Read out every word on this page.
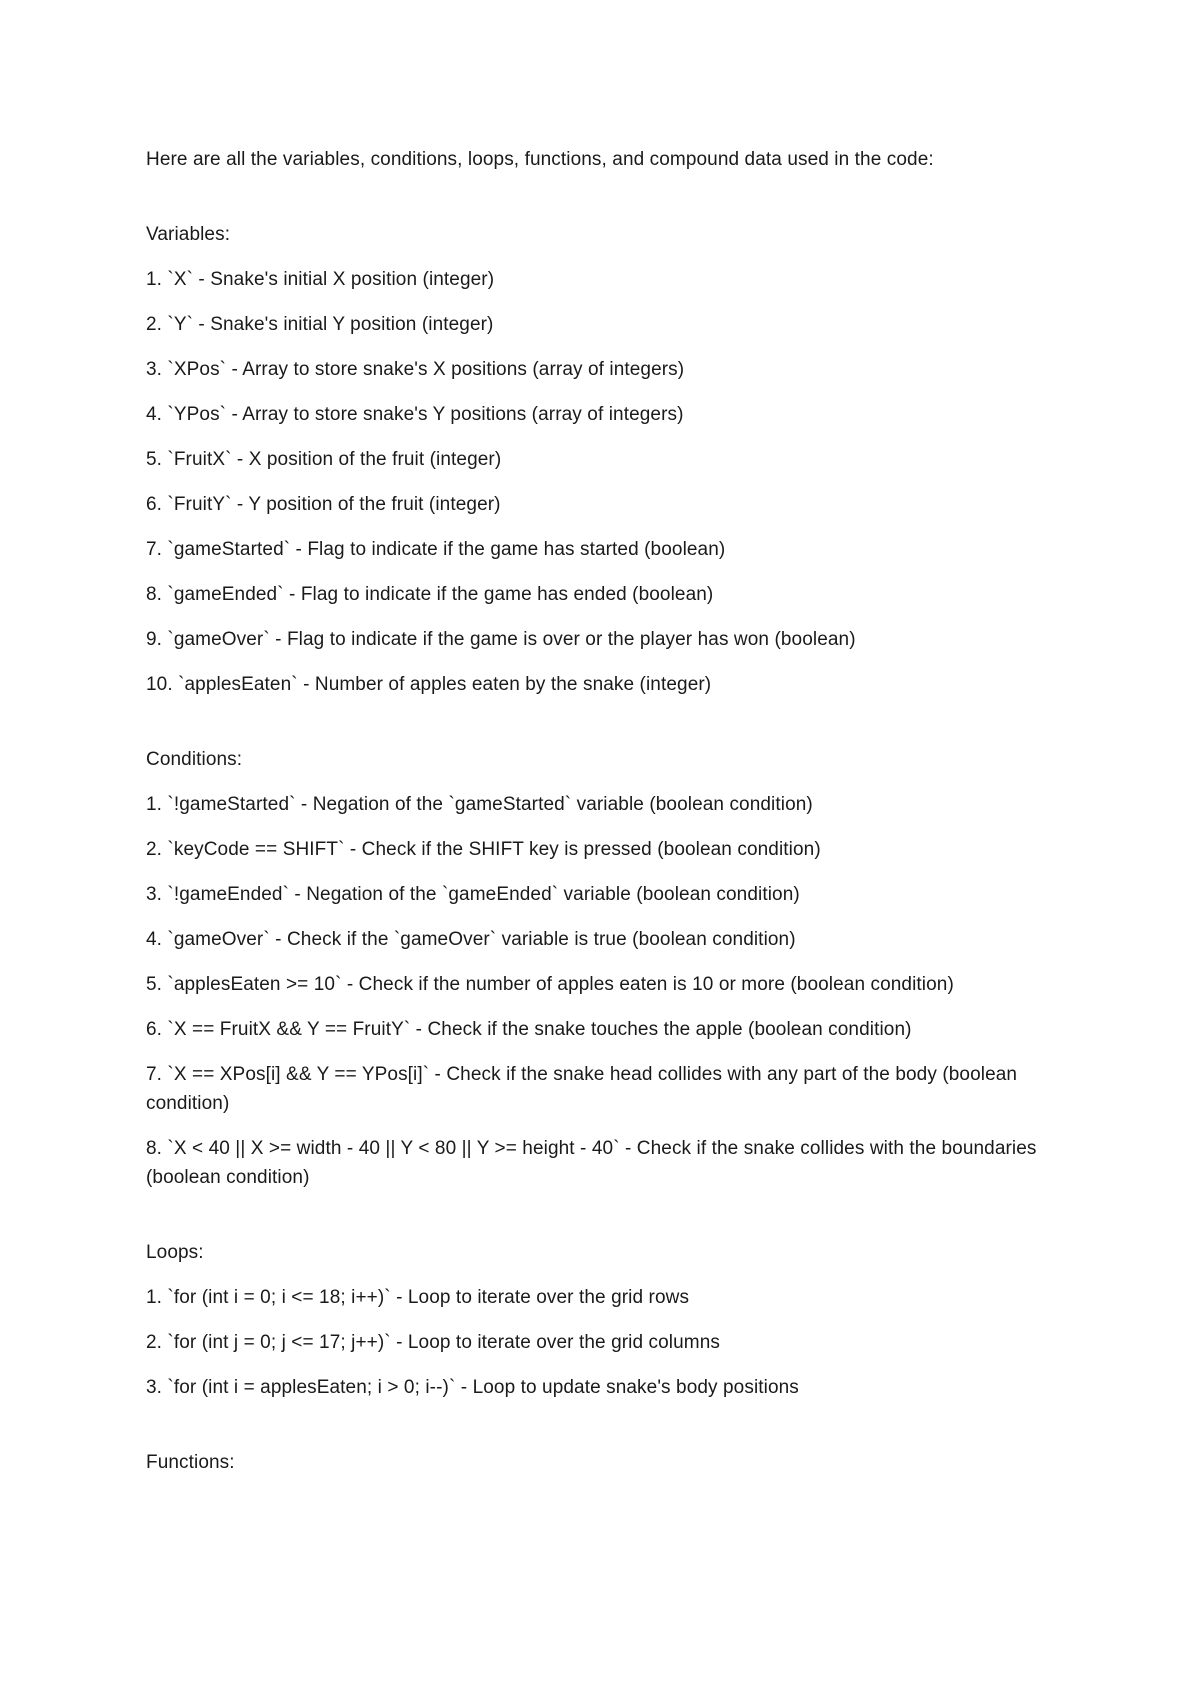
Here are all the variables, conditions, loops, functions, and compound data used in the code:
Variables:
1. `X` - Snake's initial X position (integer)
2. `Y` - Snake's initial Y position (integer)
3. `XPos` - Array to store snake's X positions (array of integers)
4. `YPos` - Array to store snake's Y positions (array of integers)
5. `FruitX` - X position of the fruit (integer)
6. `FruitY` - Y position of the fruit (integer)
7. `gameStarted` - Flag to indicate if the game has started (boolean)
8. `gameEnded` - Flag to indicate if the game has ended (boolean)
9. `gameOver` - Flag to indicate if the game is over or the player has won (boolean)
10. `applesEaten` - Number of apples eaten by the snake (integer)
Conditions:
1. `!gameStarted` - Negation of the `gameStarted` variable (boolean condition)
2. `keyCode == SHIFT` - Check if the SHIFT key is pressed (boolean condition)
3. `!gameEnded` - Negation of the `gameEnded` variable (boolean condition)
4. `gameOver` - Check if the `gameOver` variable is true (boolean condition)
5. `applesEaten >= 10` - Check if the number of apples eaten is 10 or more (boolean condition)
6. `X == FruitX && Y == FruitY` - Check if the snake touches the apple (boolean condition)
7. `X == XPos[i] && Y == YPos[i]` - Check if the snake head collides with any part of the body (boolean condition)
8. `X < 40 || X >= width - 40 || Y < 80 || Y >= height - 40` - Check if the snake collides with the boundaries (boolean condition)
Loops:
1. `for (int i = 0; i <= 18; i++)` - Loop to iterate over the grid rows
2. `for (int j = 0; j <= 17; j++)` - Loop to iterate over the grid columns
3. `for (int i = applesEaten; i > 0; i--)` - Loop to update snake's body positions
Functions:
